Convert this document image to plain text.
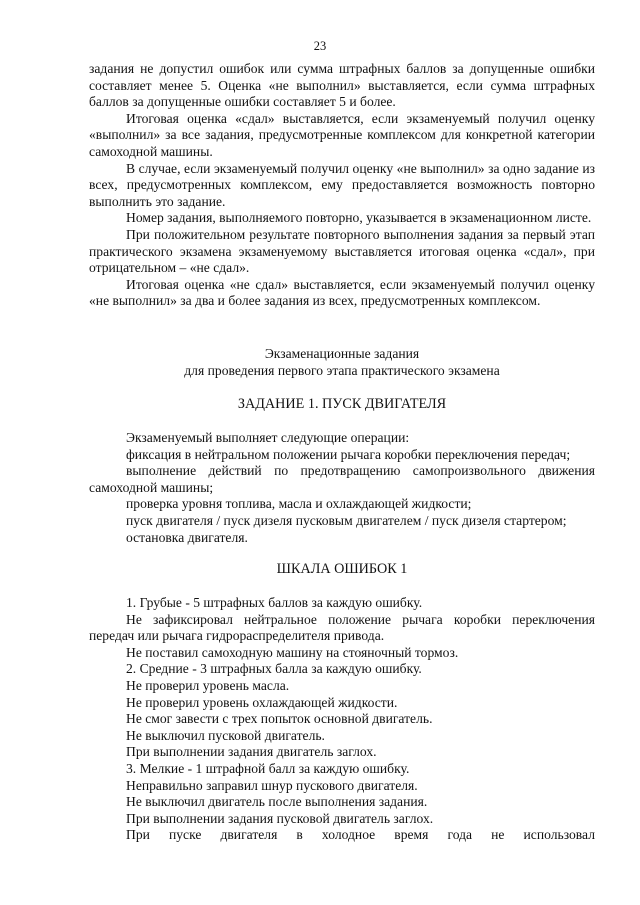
23
задания не допустил ошибок или сумма штрафных баллов за допущенные ошибки составляет менее 5. Оценка «не выполнил» выставляется, если сумма штрафных баллов за допущенные ошибки составляет 5 и более.
Итоговая оценка «сдал» выставляется, если экзаменуемый получил оценку «выполнил» за все задания, предусмотренные комплексом для конкретной категории самоходной машины.
В случае, если экзаменуемый получил оценку «не выполнил» за одно задание из всех, предусмотренных комплексом, ему предоставляется возможность повторно выполнить это задание.
Номер задания, выполняемого повторно, указывается в экзаменационном листе.
При положительном результате повторного выполнения задания за первый этап практического экзамена экзаменуемому выставляется итоговая оценка «сдал», при отрицательном – «не сдал».
Итоговая оценка «не сдал» выставляется, если экзаменуемый получил оценку «не выполнил» за два и более задания из всех, предусмотренных комплексом.
Экзаменационные задания
для проведения первого этапа практического экзамена
ЗАДАНИЕ 1. ПУСК ДВИГАТЕЛЯ
Экзаменуемый выполняет следующие операции:
фиксация в нейтральном положении рычага коробки переключения передач;
выполнение действий по предотвращению самопроизвольного движения самоходной машины;
проверка уровня топлива, масла и охлаждающей жидкости;
пуск двигателя / пуск дизеля пусковым двигателем / пуск дизеля стартером;
остановка двигателя.
ШКАЛА ОШИБОК 1
1. Грубые - 5 штрафных баллов за каждую ошибку.
Не зафиксировал нейтральное положение рычага коробки переключения передач или рычага гидрораспределителя привода.
Не поставил самоходную машину на стояночный тормоз.
2. Средние - 3 штрафных балла за каждую ошибку.
Не проверил уровень масла.
Не проверил уровень охлаждающей жидкости.
Не смог завести с трех попыток основной двигатель.
Не выключил пусковой двигатель.
При выполнении задания двигатель заглох.
3. Мелкие - 1 штрафной балл за каждую ошибку.
Неправильно заправил шнур пускового двигателя.
Не выключил двигатель после выполнения задания.
При выполнении задания пусковой двигатель заглох.
При пуске двигателя в холодное время года не использовал
